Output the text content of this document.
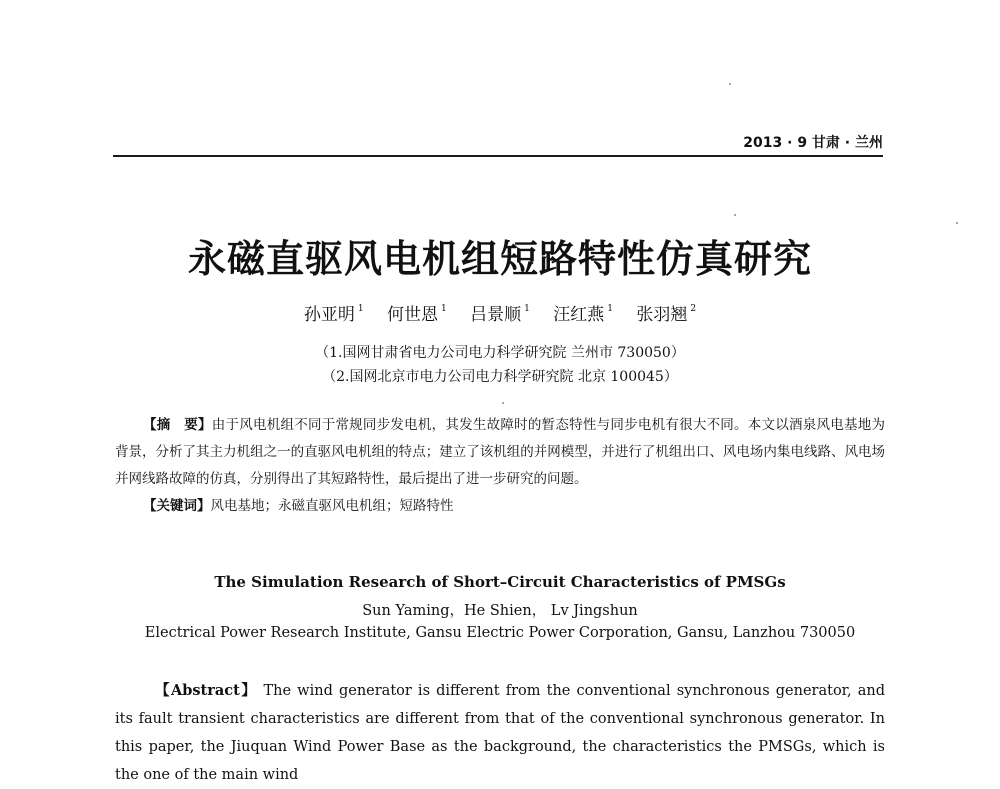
2013 · 9 甘肃 · 兰州
永磁直驱风电机组短路特性仿真研究
孙亚明 $^1$ 何世恩 $^1$ 吕景顺 $^1$ 汪红燕 $^1$ 张羽翘 $^2$
（1.国网甘肃省电力公司电力科学研究院 兰州市 730050）
（2.国网北京市电力公司电力科学研究院 北京 100045）

【摘　要】由于风电机组不同于常规同步发电机，其发生故障时的暂态特性与同步电机有很大不同。本文以酒泉风电基地为背景，分析了其主力机组之一的直驱风电机组的特点；建立了该机组的并网模型，并进行了机组出口、风电场内集电线路、风电场并网线路故障的仿真，分别得出了其短路特性，最后提出了进一步研究的问题。

【关键词】风电基地；永磁直驱风电机组；短路特性

The Simulation Research of Short–Circuit Characteristics of PMSGs
Sun Yaming，He Shien， Lv Jingshun
Electrical Power Research Institute, Gansu Electric Power Corporation, Gansu, Lanzhou 730050

【Abstract】 The wind generator is different from the conventional synchronous generator, and its fault transient characteristics are different from that of the conventional synchronous generator. In this paper, the Jiuquan Wind Power Base as the background, the characteristics the PMSGs, which is the one of the main wind
